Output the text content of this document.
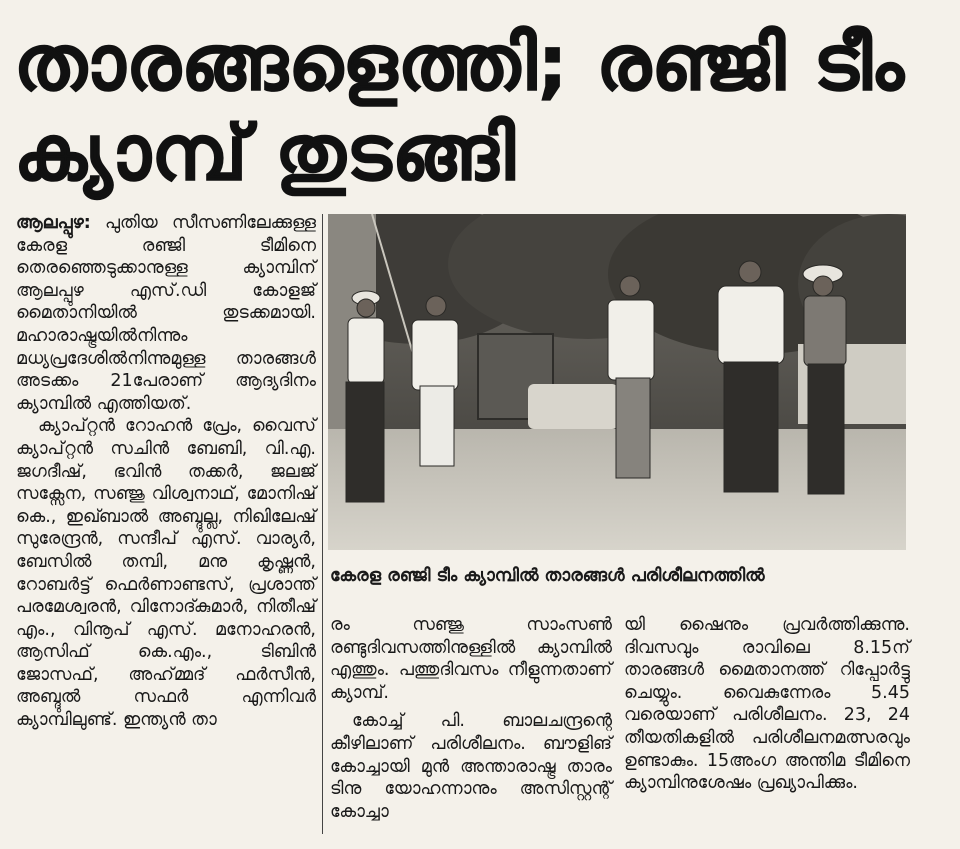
താരങ്ങളെത്തി; രഞ്ജി ടീം
ക്യാമ്പ് തുടങ്ങി

ആലപ്പുഴ: പുതിയ സീസണിലേക്കുള്ള കേരള രഞ്ജി ടീമിനെ തെരഞ്ഞെടുക്കാനുള്ള ക്യാമ്പിന് ആലപ്പുഴ എസ്.ഡി കോളജ് മൈതാനിയിൽ തുടക്കമായി. മഹാരാഷ്ട്രയിൽനിന്നും മധ്യപ്രദേശിൽനിന്നുമുള്ള താരങ്ങൾ അടക്കം 21പേരാണ് ആദ്യദിനം ക്യാമ്പിൽ എത്തിയത്.

ക്യാപ്റ്റൻ റോഹൻ പ്രേം, വൈസ് ക്യാപ്റ്റൻ സചിൻ ബേബി, വി.എ. ജഗദീഷ്, ഭവിൻ തക്കർ, ജലജ് സക്സേന, സഞ്ജു വിശ്വനാഥ്, മോനിഷ് കെ., ഇഖ്ബാൽ അബ്ദുല്ല, നിഖിലേഷ് സുരേന്ദ്രൻ, സന്ദീപ് എസ്. വാര്യർ, ബേസിൽ തമ്പി, മനു കൃഷ്ണൻ, റോബർട്ട് ഫെർണാണ്ടസ്, പ്രശാന്ത് പരമേശ്വരൻ, വിനോദ്കുമാർ, നിതീഷ് എം., വിനൂപ് എസ്. മനോഹരൻ, ആസിഫ് കെ.എം., ടിബിൻ ജോസഫ്, അഹ്മ്മദ് ഫർസീൻ, അബ്ദുൽ സഫർ എന്നിവർ ക്യാമ്പിലുണ്ട്. ഇന്ത്യൻ താ

കേരള രഞ്ജി ടീം ക്യാമ്പിൽ താരങ്ങൾ പരിശീലനത്തിൽ

രം സഞ്ജു സാംസൺ രണ്ടുദിവസത്തിനുള്ളിൽ ക്യാമ്പിൽ എത്തും. പത്തുദിവസം നീളുന്നതാണ് ക്യാമ്പ്.

കോച്ച് പി. ബാലചന്ദ്രന്റെ കീഴിലാണ് പരിശീലനം. ബൗളിങ് കോച്ചായി മുൻ അന്താരാഷ്ട്ര താരം ടിനു യോഹന്നാനും അസിസ്റ്റന്റ് കോച്ചാ

യി ഷൈനും പ്രവർത്തിക്കുന്നു. ദിവസവും രാവിലെ 8.15ന് താരങ്ങൾ മൈതാനത്ത് റിപ്പോർട്ടു ചെയ്യും. വൈകുന്നേരം 5.45 വരെയാണ് പരിശീലനം. 23, 24 തീയതികളിൽ പരിശീലനമത്സരവും ഉണ്ടാകും. 15അംഗ അന്തിമ ടീമിനെ ക്യാമ്പിനുശേഷം പ്രഖ്യാപിക്കും.
